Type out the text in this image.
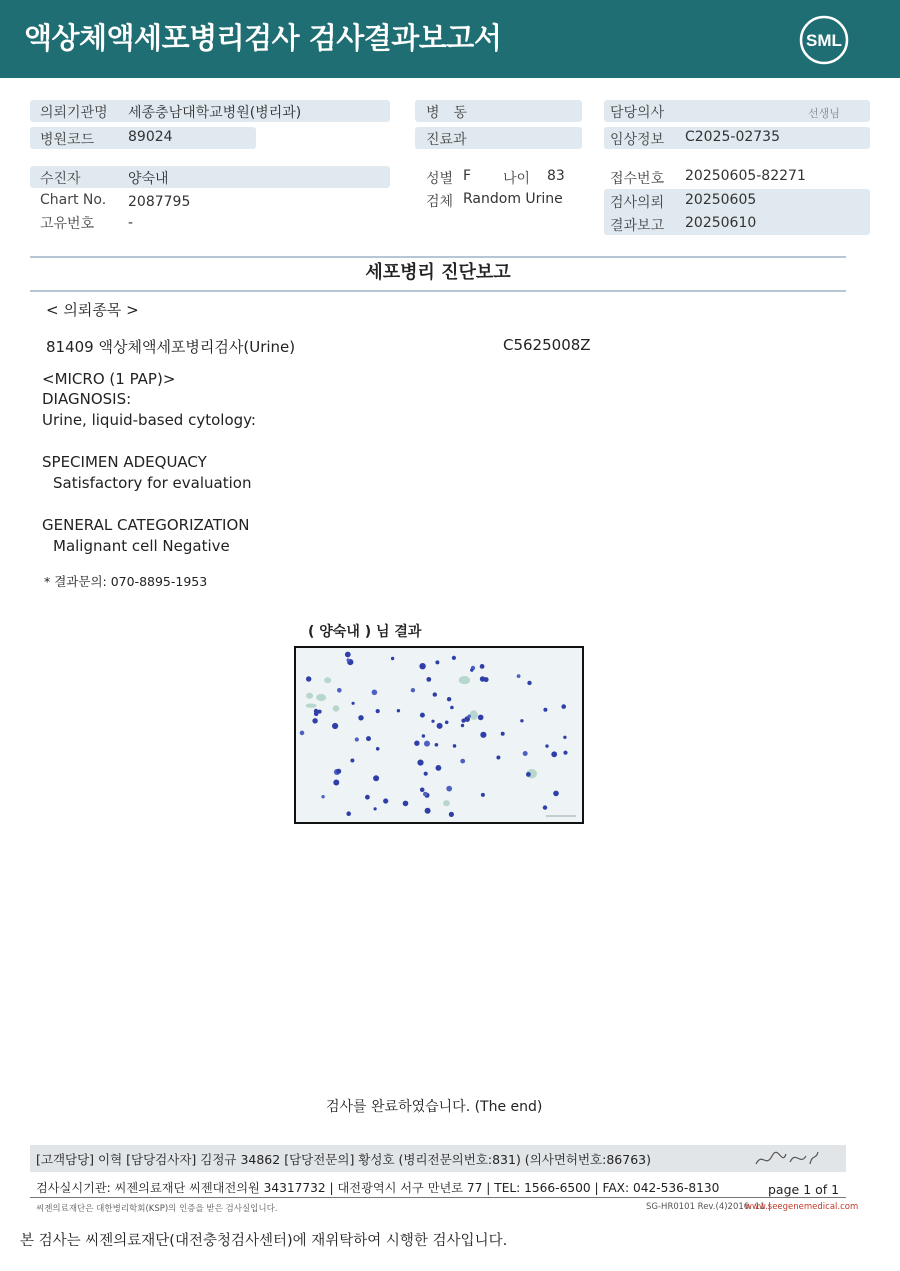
액상체액세포병리검사 검사결과보고서	SML
의뢰기관명 세종충남대학교병원(병리과)
병원코드 89024
수진자	양숙내
Chart No. 2087795
고유번호 -
병　동
진료과
성별 F 나이 83
검체 Random Urine
담당의사	선생님
임상정보 C2025-02735
접수번호 20250605-82271
검사의뢰 20250605
결과보고 20250610
세포병리 진단보고
< 의뢰종목 >
81409 액상체액세포병리검사(Urine)	C5625008Z
<MICRO (1 PAP)>
DIAGNOSIS:
Urine, liquid-based cytology:
SPECIMEN ADEQUACY
Satisfactory for evaluation
GENERAL CATEGORIZATION
Malignant cell Negative
* 결과문의: 070-8895-1953
( 양숙내 ) 님 결과
검사를 완료하였습니다. (The end)
[고객담당] 이혁 [담당검사자] 김정규 34862 [담당전문의] 황성호 (병리전문의번호:831) (의사면허번호:86763)
검사실시기관: 씨젠의료재단 씨젠대전의원 34317732 | 대전광역시 서구 만년로 77 | TEL: 1566-6500 | FAX: 042-536-8130	page 1 of 1
씨젠의료재단은 대한병리학회(KSP)의 인증을 받은 검사실입니다.	SG-HR0101 Rev.(4)2016. 11 |
www.seegenemedical.com
본 검사는 씨젠의료재단(대전충청검사센터)에 재위탁하여 시행한 검사입니다.
